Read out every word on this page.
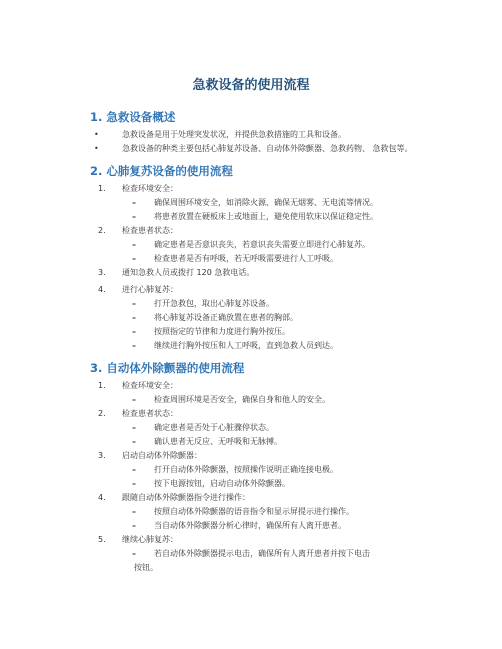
急救设备的使用流程
1. 急救设备概述
•	急救设备是用于处理突发状况，并提供急救措施的工具和设备。
•	急救设备的种类主要包括心肺复苏设备、自动体外除颤器、急救药物、 急救包等。
2. 心肺复苏设备的使用流程
1. 检查环境安全：
– 确保周围环境安全，如消除火源、确保无烟雾、无电流等情况。
– 将患者放置在硬板床上或地面上，避免使用软床以保证稳定性。
2. 检查患者状态：
– 确定患者是否意识丧失，若意识丧失需要立即进行心肺复苏。
– 检查患者是否有呼吸，若无呼吸需要进行人工呼吸。
3. 通知急救人员或拨打 120 急救电话。
4. 进行心肺复苏：
– 打开急救包，取出心肺复苏设备。
– 将心肺复苏设备正确放置在患者的胸部。
– 按照指定的节律和力度进行胸外按压。
– 继续进行胸外按压和人工呼吸，直到急救人员到达。
3. 自动体外除颤器的使用流程
1. 检查环境安全：
– 检查周围环境是否安全，确保自身和他人的安全。
2. 检查患者状态：
– 确定患者是否处于心脏骤停状态。
– 确认患者无反应、无呼吸和无脉搏。
3. 启动自动体外除颤器：
– 打开自动体外除颤器，按照操作说明正确连接电极。
– 按下电源按钮，启动自动体外除颤器。
4. 跟随自动体外除颤器指令进行操作：
– 按照自动体外除颤器的语音指令和显示屏提示进行操作。
– 当自动体外除颤器分析心律时，确保所有人离开患者。
5. 继续心肺复苏：
– 若自动体外除颤器提示电击，确保所有人离开患者并按下电击
按钮。
